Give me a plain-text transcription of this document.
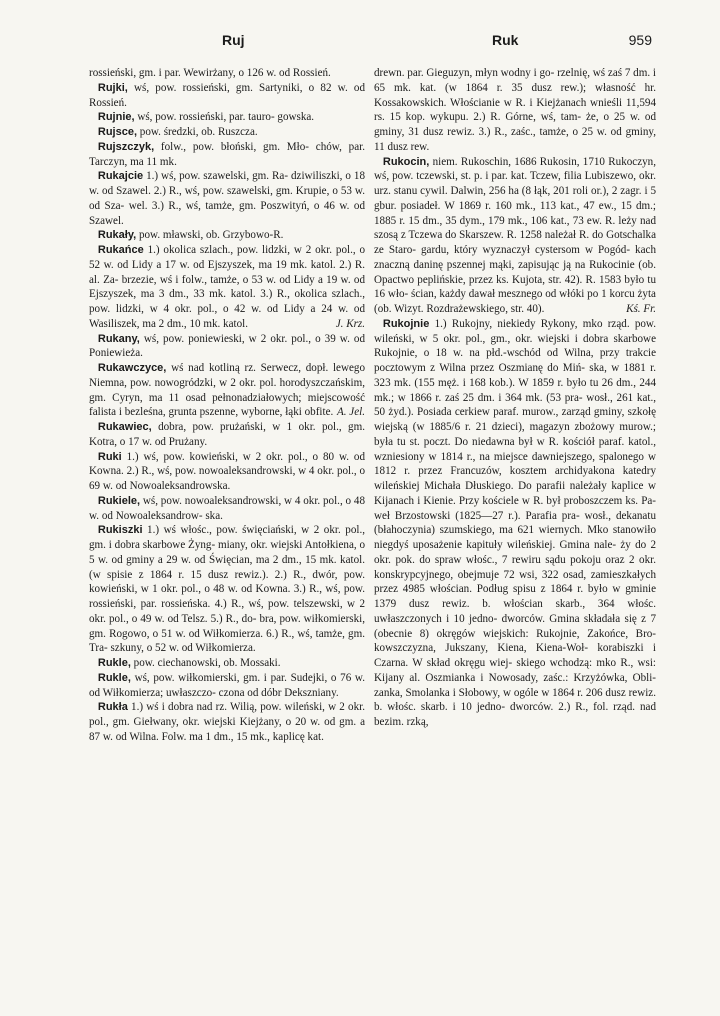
Ruj	Ruk	959

rossieński, gm. i par. Wewirżany, o 126 w. od Rossień.

Rujki, wś, pow. rossieński, gm. Sartyniki, o 82 w. od Rossień.

Rujnie, wś, pow. rossieński, par. tauro- gowska.

Rujsce, pow. średzki, ob. Ruszcza.

Rujszczyk, folw., pow. błoński, gm. Mło- chów, par. Tarczyn, ma 11 mk.

Rukajcie 1.) wś, pow. szawelski, gm. Ra- dziwiliszki, o 18 w. od Szawel. 2.) R., wś, pow. szawelski, gm. Krupie, o 53 w. od Sza- wel. 3.) R., wś, tamże, gm. Poszwityń, o 46 w. od Szawel.

Rukały, pow. mławski, ob. Grzybowo-R.

Rukańce 1.) okolica szlach., pow. lidzki, w 2 okr. pol., o 52 w. od Lidy a 17 w. od Ejszyszek, ma 19 mk. katol. 2.) R. al. Za- brzezie, wś i folw., tamże, o 53 w. od Lidy a 19 w. od Ejszyszek, ma 3 dm., 33 mk. katol. 3.) R., okolica szlach., pow. lidzki, w 4 okr. pol., o 42 w. od Lidy a 24 w. od Wasiliszek, ma 2 dm., 10 mk. katol.	J. Krz.

Rukany, wś, pow. poniewieski, w 2 okr. pol., o 39 w. od Poniewieża.

Rukawczyce, wś nad kotliną rz. Serwecz, dopł. lewego Niemna, pow. nowogródzki, w 2 okr. pol. horodyszczańskim, gm. Cyryn, ma 11 osad pełnonadziałowych; miejscowość falista i bezleśna, grunta pszenne, wyborne, łąki obfite. A. Jel.

Rukawiec, dobra, pow. prużański, w 1 okr. pol., gm. Kotra, o 17 w. od Prużany.

Ruki 1.) wś, pow. kowieński, w 2 okr. pol., o 80 w. od Kowna. 2.) R., wś, pow. nowoaleksandrowski, w 4 okr. pol., o 69 w. od Nowoaleksandrowska.

Rukiele, wś, pow. nowoaleksandrowski, w 4 okr. pol., o 48 w. od Nowoaleksandrow- ska.

Rukiszki 1.) wś włośc., pow. święciański, w 2 okr. pol., gm. i dobra skarbowe Żyng- miany, okr. wiejski Antołkiena, o 5 w. od gminy a 29 w. od Święcian, ma 2 dm., 15 mk. katol. (w spisie z 1864 r. 15 dusz rewiz.). 2.) R., dwór, pow. kowieński, w 1 okr. pol., o 48 w. od Kowna. 3.) R., wś, pow. rossieński, par. rossieńska. 4.) R., wś, pow. telszewski, w 2 okr. pol., o 49 w. od Telsz. 5.) R., do- bra, pow. wiłkomierski, gm. Rogowo, o 51 w. od Wiłkomierza. 6.) R., wś, tamże, gm. Tra- szkuny, o 52 w. od Wiłkomierza.

Rukle, pow. ciechanowski, ob. Mossaki.

Rukle, wś, pow. wiłkomierski, gm. i par. Sudejki, o 76 w. od Wiłkomierza; uwłaszczo- czona od dóbr Dekszniany.

Rukła 1.) wś i dobra nad rz. Wilią, pow. wileński, w 2 okr. pol., gm. Giełwany, okr. wiejski Kiejżany, o 20 w. od gm. a 87 w. od Wilna. Folw. ma 1 dm., 15 mk., kaplicę kat.

drewn. par. Gieguzyn, młyn wodny i go- rzelnię, wś zaś 7 dm. i 65 mk. kat. (w 1864 r. 35 dusz rew.); własność hr. Kossakowskich. Włościanie w R. i Kiejżanach wnieśli 11,594 rs. 15 kop. wykupu. 2.) R. Górne, wś, tam- że, o 25 w. od gminy, 31 dusz rewiz. 3.) R., zaśc., tamże, o 25 w. od gminy, 11 dusz rew.

Rukocin, niem. Rukoschin, 1686 Rukosin, 1710 Rukoczyn, wś, pow. tczewski, st. p. i par. kat. Tczew, filia Lubiszewo, okr. urz. stanu cywil. Dalwin, 256 ha (8 łąk, 201 roli or.), 2 zagr. i 5 gbur. posiadeł. W 1869 r. 160 mk., 113 kat., 47 ew., 15 dm.; 1885 r. 15 dm., 35 dym., 179 mk., 106 kat., 73 ew. R. leży nad szosą z Tczewa do Skarszew. R. 1258 należał R. do Gotschalka ze Staro- gardu, który wyznaczył cystersom w Pogód- kach znaczną daninę pszennej mąki, zapisując ją na Rukocinie (ob. Opactwo peplińskie, przez ks. Kujota, str. 42). R. 1583 było tu 16 wło- ścian, każdy dawał mesznego od włóki po 1 korcu żyta (ob. Wizyt. Rozdrażewskiego, str. 40).	Kś. Fr.

Rukojnie 1.) Rukojny, niekiedy Rykony, mko rząd. pow. wileński, w 5 okr. pol., gm., okr. wiejski i dobra skarbowe Rukojnie, o 18 w. na płd.-wschód od Wilna, przy trakcie pocztowym z Wilna przez Oszmianę do Miń- ska, w 1881 r. 323 mk. (155 męż. i 168 kob.). W 1859 r. było tu 26 dm., 244 mk.; w 1866 r. zaś 25 dm. i 364 mk. (53 pra- wosł., 261 kat., 50 żyd.). Posiada cerkiew paraf. murow., zarząd gminy, szkołę wiejską (w 1885/6 r. 21 dzieci), magazyn zbożowy murow.; była tu st. poczt. Do niedawna był w R. kościół paraf. katol., wzniesiony w 1814 r., na miejsce dawniejszego, spalonego w 1812 r. przez Francuzów, kosztem archidyakona katedry wileńskiej Michała Dłuskiego. Do parafii należały kaplice w Kijanach i Kienie. Przy kościele w R. był proboszczem ks. Pa- weł Brzostowski (1825—27 r.). Parafia pra- wosł., dekanatu (błahoczynia) szumskiego, ma 621 wiernych. Mko stanowiło niegdyś uposażenie kapituły wileńskiej. Gmina nale- ży do 2 okr. pok. do spraw włośc., 7 rewiru sądu pokoju oraz 2 okr. konskrypcyjnego, obejmuje 72 wsi, 322 osad, zamieszkałych przez 4985 włościan. Podług spisu z 1864 r. było w gminie 1379 dusz rewiz. b. włościan skarb., 364 włośc. uwłaszczonych i 10 jedno- dworców. Gmina składała się z 7 (obecnie 8) okręgów wiejskich: Rukojnie, Zakońce, Bro- kowszczyzna, Jukszany, Kiena, Kiena-Woł- korabiszki i Czarna. W skład okręgu wiej- skiego wchodzą: mko R., wsi: Kijany al. Oszmianka i Nowosady, zaśc.: Krzyżówka, Obli- zanka, Smolanka i Słobowy, w ogóle w 1864 r. 206 dusz rewiz. b. włośc. skarb. i 10 jedno- dworców. 2.) R., fol. rząd. nad bezim. rzką,
